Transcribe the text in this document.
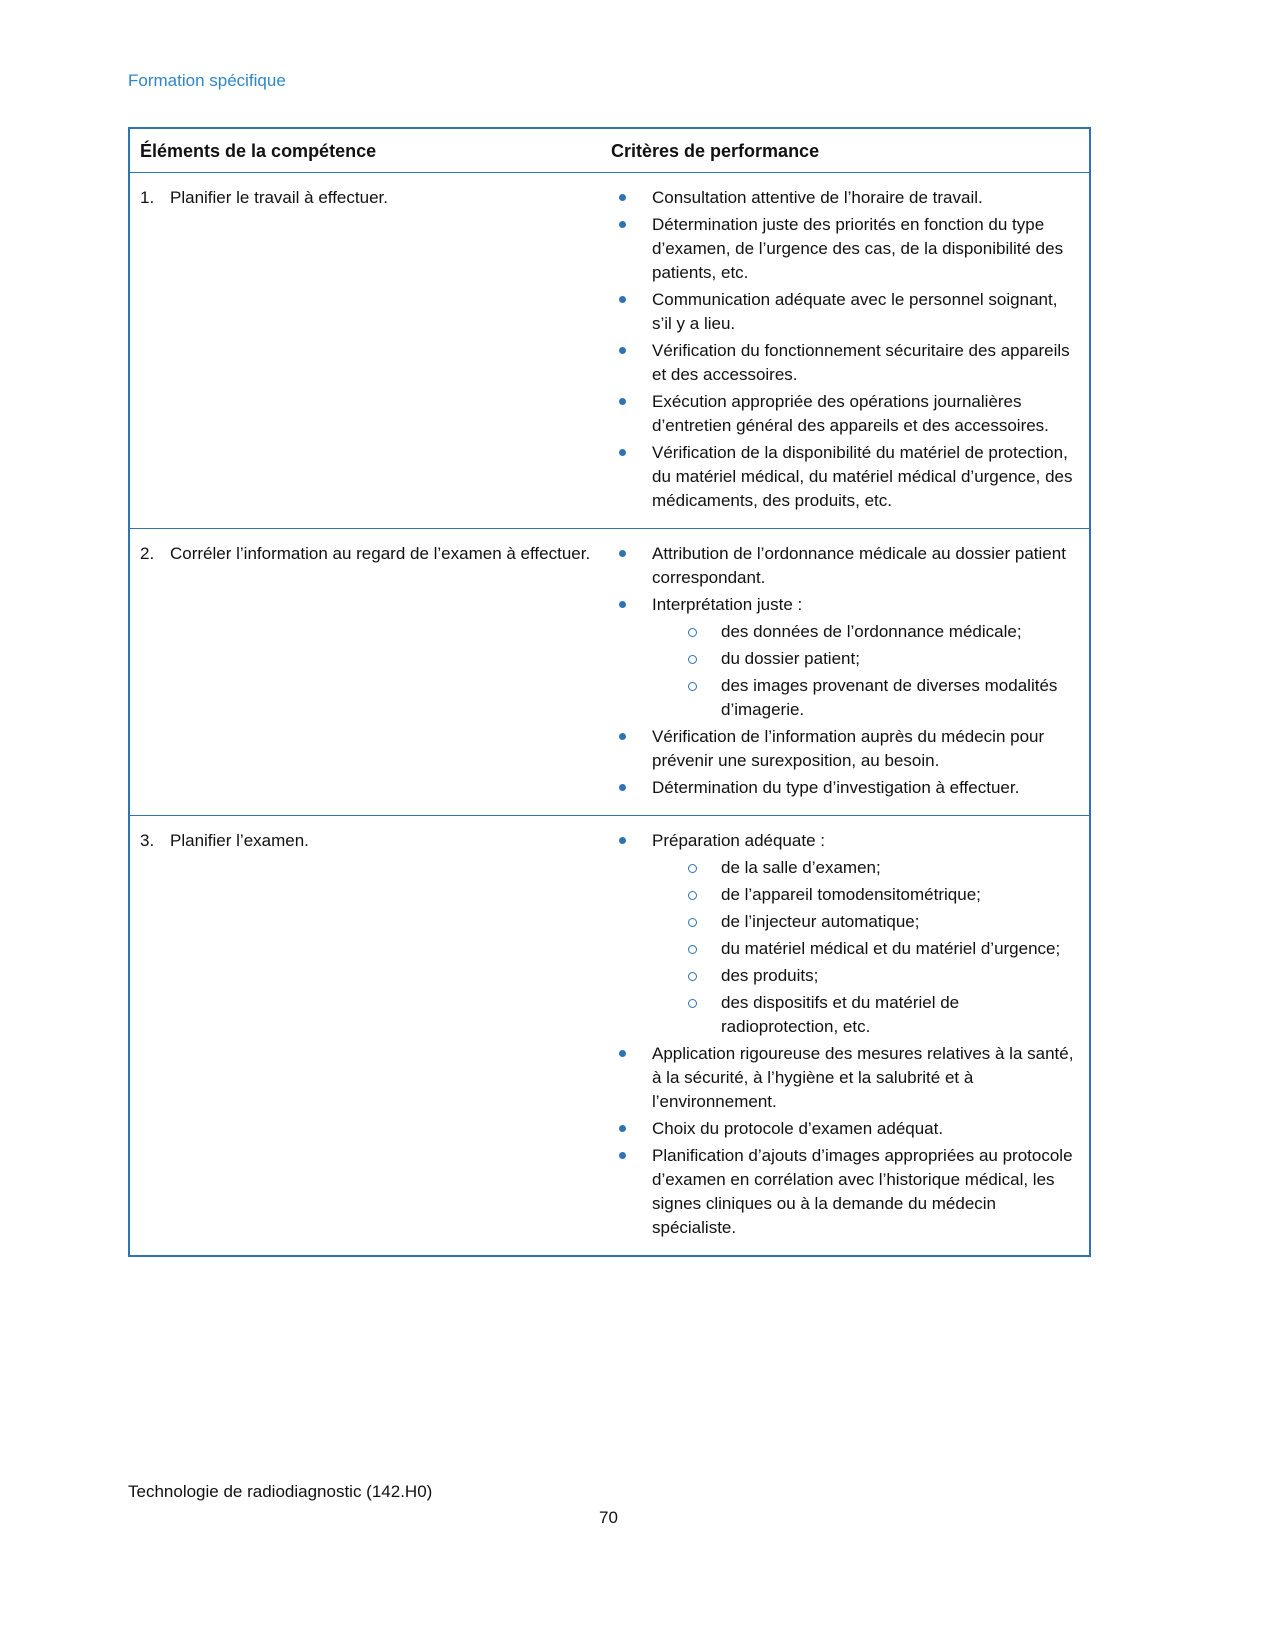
Formation spécifique
Éléments de la compétence	Critères de performance

1. Planifier le travail à effectuer.	Consultation attentive de l’horaire de travail.
Détermination juste des priorités en fonction du type d’examen, de l’urgence des cas, de la disponibilité des patients, etc.
Communication adéquate avec le personnel soignant, s’il y a lieu.
Vérification du fonctionnement sécuritaire des appareils et des accessoires.
Exécution appropriée des opérations journalières d’entretien général des appareils et des accessoires.
Vérification de la disponibilité du matériel de protection, du matériel médical, du matériel médical d’urgence, des médicaments, des produits, etc.

2. Corréler l’information au regard de l’examen à effectuer.	Attribution de l’ordonnance médicale au dossier patient correspondant.
Interprétation juste :
des données de l’ordonnance médicale;
du dossier patient;
des images provenant de diverses modalités d’imagerie.
Vérification de l’information auprès du médecin pour prévenir une surexposition, au besoin.
Détermination du type d’investigation à effectuer.

3. Planifier l’examen.	Préparation adéquate :
de la salle d’examen;
de l’appareil tomodensitométrique;
de l’injecteur automatique;
du matériel médical et du matériel d’urgence;
des produits;
des dispositifs et du matériel de radioprotection, etc.
Application rigoureuse des mesures relatives à la santé, à la sécurité, à l’hygiène et la salubrité et à l’environnement.
Choix du protocole d’examen adéquat.
Planification d’ajouts d’images appropriées au protocole d’examen en corrélation avec l’historique médical, les signes cliniques ou à la demande du médecin spécialiste.
Technologie de radiodiagnostic (142.H0)
70
